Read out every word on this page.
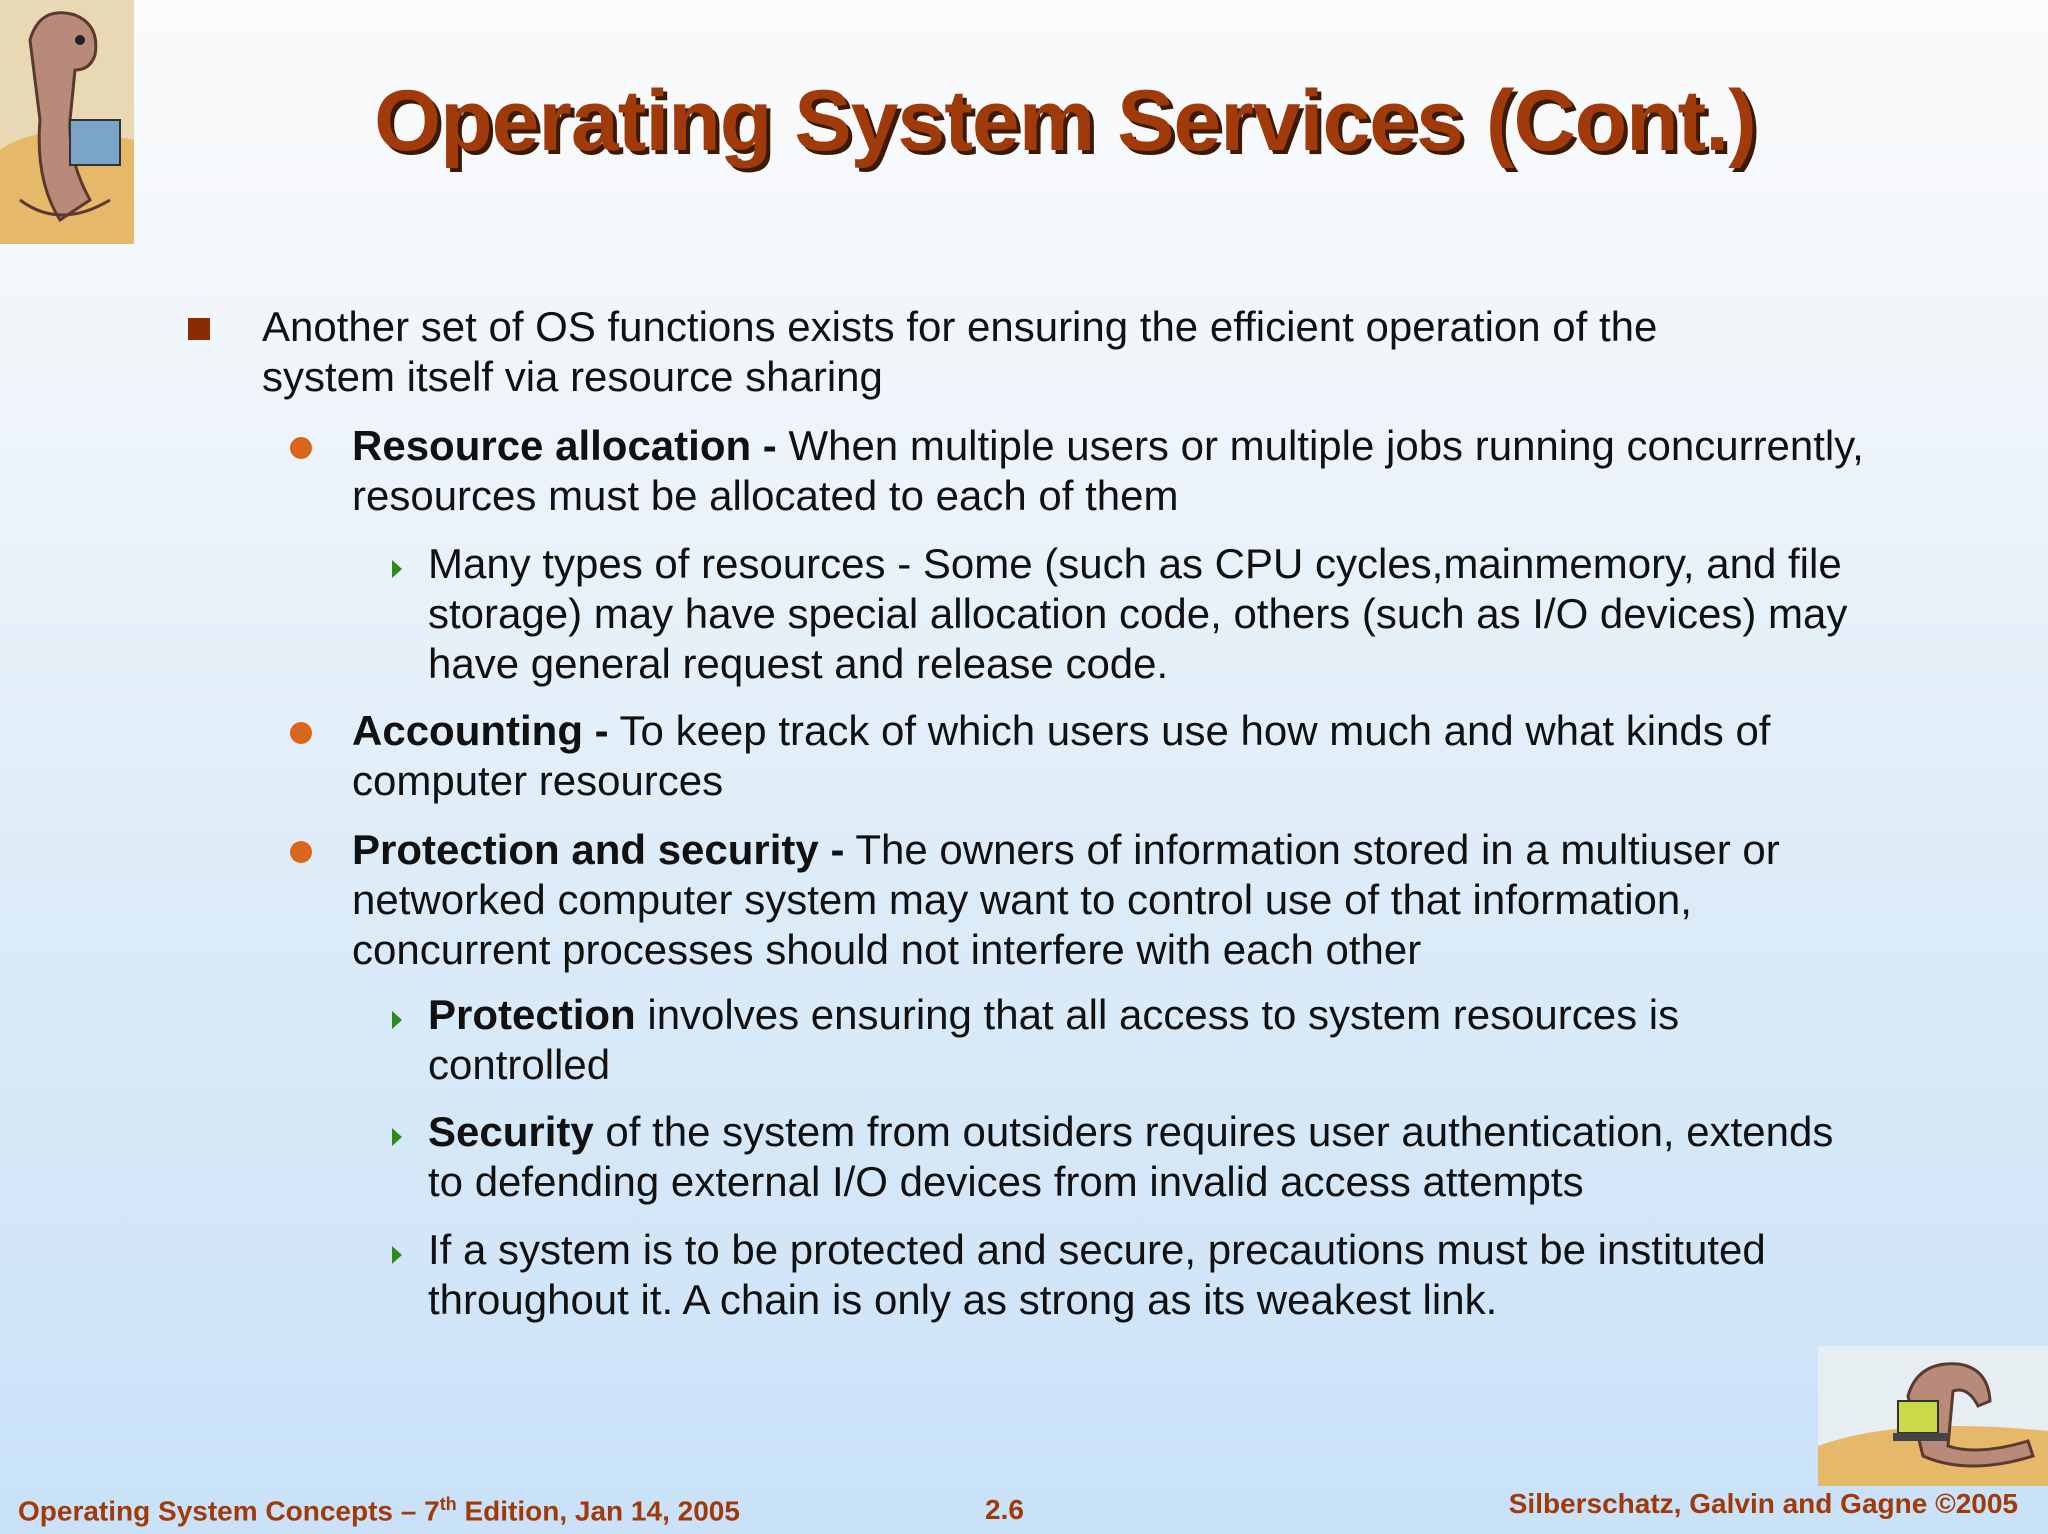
Operating System Services (Cont.)
Another set of OS functions exists for ensuring the efficient operation of the system itself via resource sharing
Resource allocation - When multiple users or multiple jobs running concurrently, resources must be allocated to each of them
Many types of resources - Some (such as CPU cycles,mainmemory, and file storage) may have special allocation code, others (such as I/O devices) may have general request and release code.
Accounting - To keep track of which users use how much and what kinds of computer resources
Protection and security - The owners of information stored in a multiuser or networked computer system may want to control use of that information, concurrent processes should not interfere with each other
Protection involves ensuring that all access to system resources is controlled
Security of the system from outsiders requires user authentication, extends to defending external I/O devices from invalid access attempts
If a system is to be protected and secure, precautions must be instituted throughout it. A chain is only as strong as its weakest link.
Operating System Concepts – 7th Edition, Jan 14, 2005	2.6	Silberschatz, Galvin and Gagne ©2005
